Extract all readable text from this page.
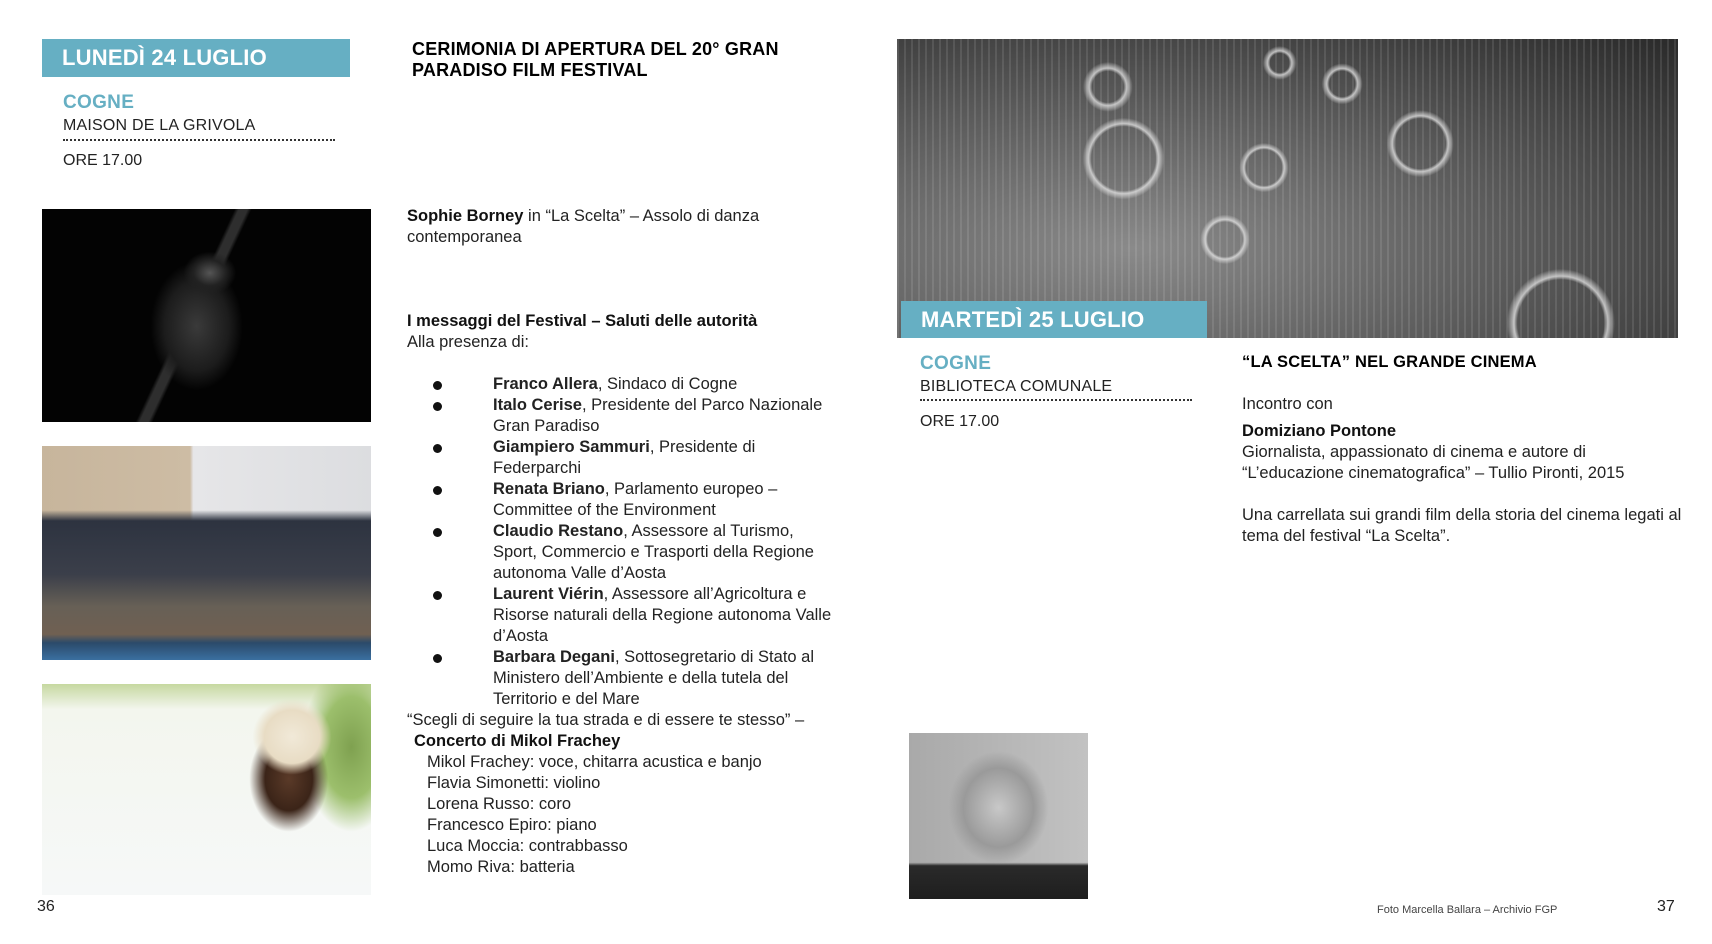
LUNEDÌ 24 LUGLIO
COGNE
MAISON DE LA GRIVOLA
ORE 17.00
CERIMONIA DI APERTURA DEL 20° GRAN PARADISO FILM FESTIVAL
Sophie Borney in “La Scelta” – Assolo di danza contemporanea
I messaggi del Festival – Saluti delle autorità
Alla presenza di:
Franco Allera, Sindaco di Cogne
Italo Cerise, Presidente del Parco Nazionale Gran Paradiso
Giampiero Sammuri, Presidente di Federparchi
Renata Briano, Parlamento europeo – Committee of the Environment
Claudio Restano, Assessore al Turismo, Sport, Commercio e Trasporti della Regione autonoma Valle d’Aosta
Laurent Viérin, Assessore all’Agricoltura e Risorse naturali della Regione autonoma Valle d’Aosta
Barbara Degani, Sottosegretario di Stato al Ministero dell’Ambiente e della tutela del Territorio e del Mare
“Scegli di seguire la tua strada e di essere te stesso” –
Concerto di Mikol Frachey
Mikol Frachey: voce, chitarra acustica e banjo
Flavia Simonetti: violino
Lorena Russo: coro
Francesco Epiro: piano
Luca Moccia: contrabbasso
Momo Riva: batteria
36
MARTEDÌ 25 LUGLIO
COGNE
BIBLIOTECA COMUNALE
ORE 17.00
“LA SCELTA” NEL GRANDE CINEMA
Incontro con
Domiziano Pontone
Giornalista, appassionato di cinema e autore di “L’educazione cinematografica” – Tullio Pironti, 2015
Una carrellata sui grandi film della storia del cinema legati al tema del festival “La Scelta”.
Foto Marcella Ballara – Archivio FGP	37
